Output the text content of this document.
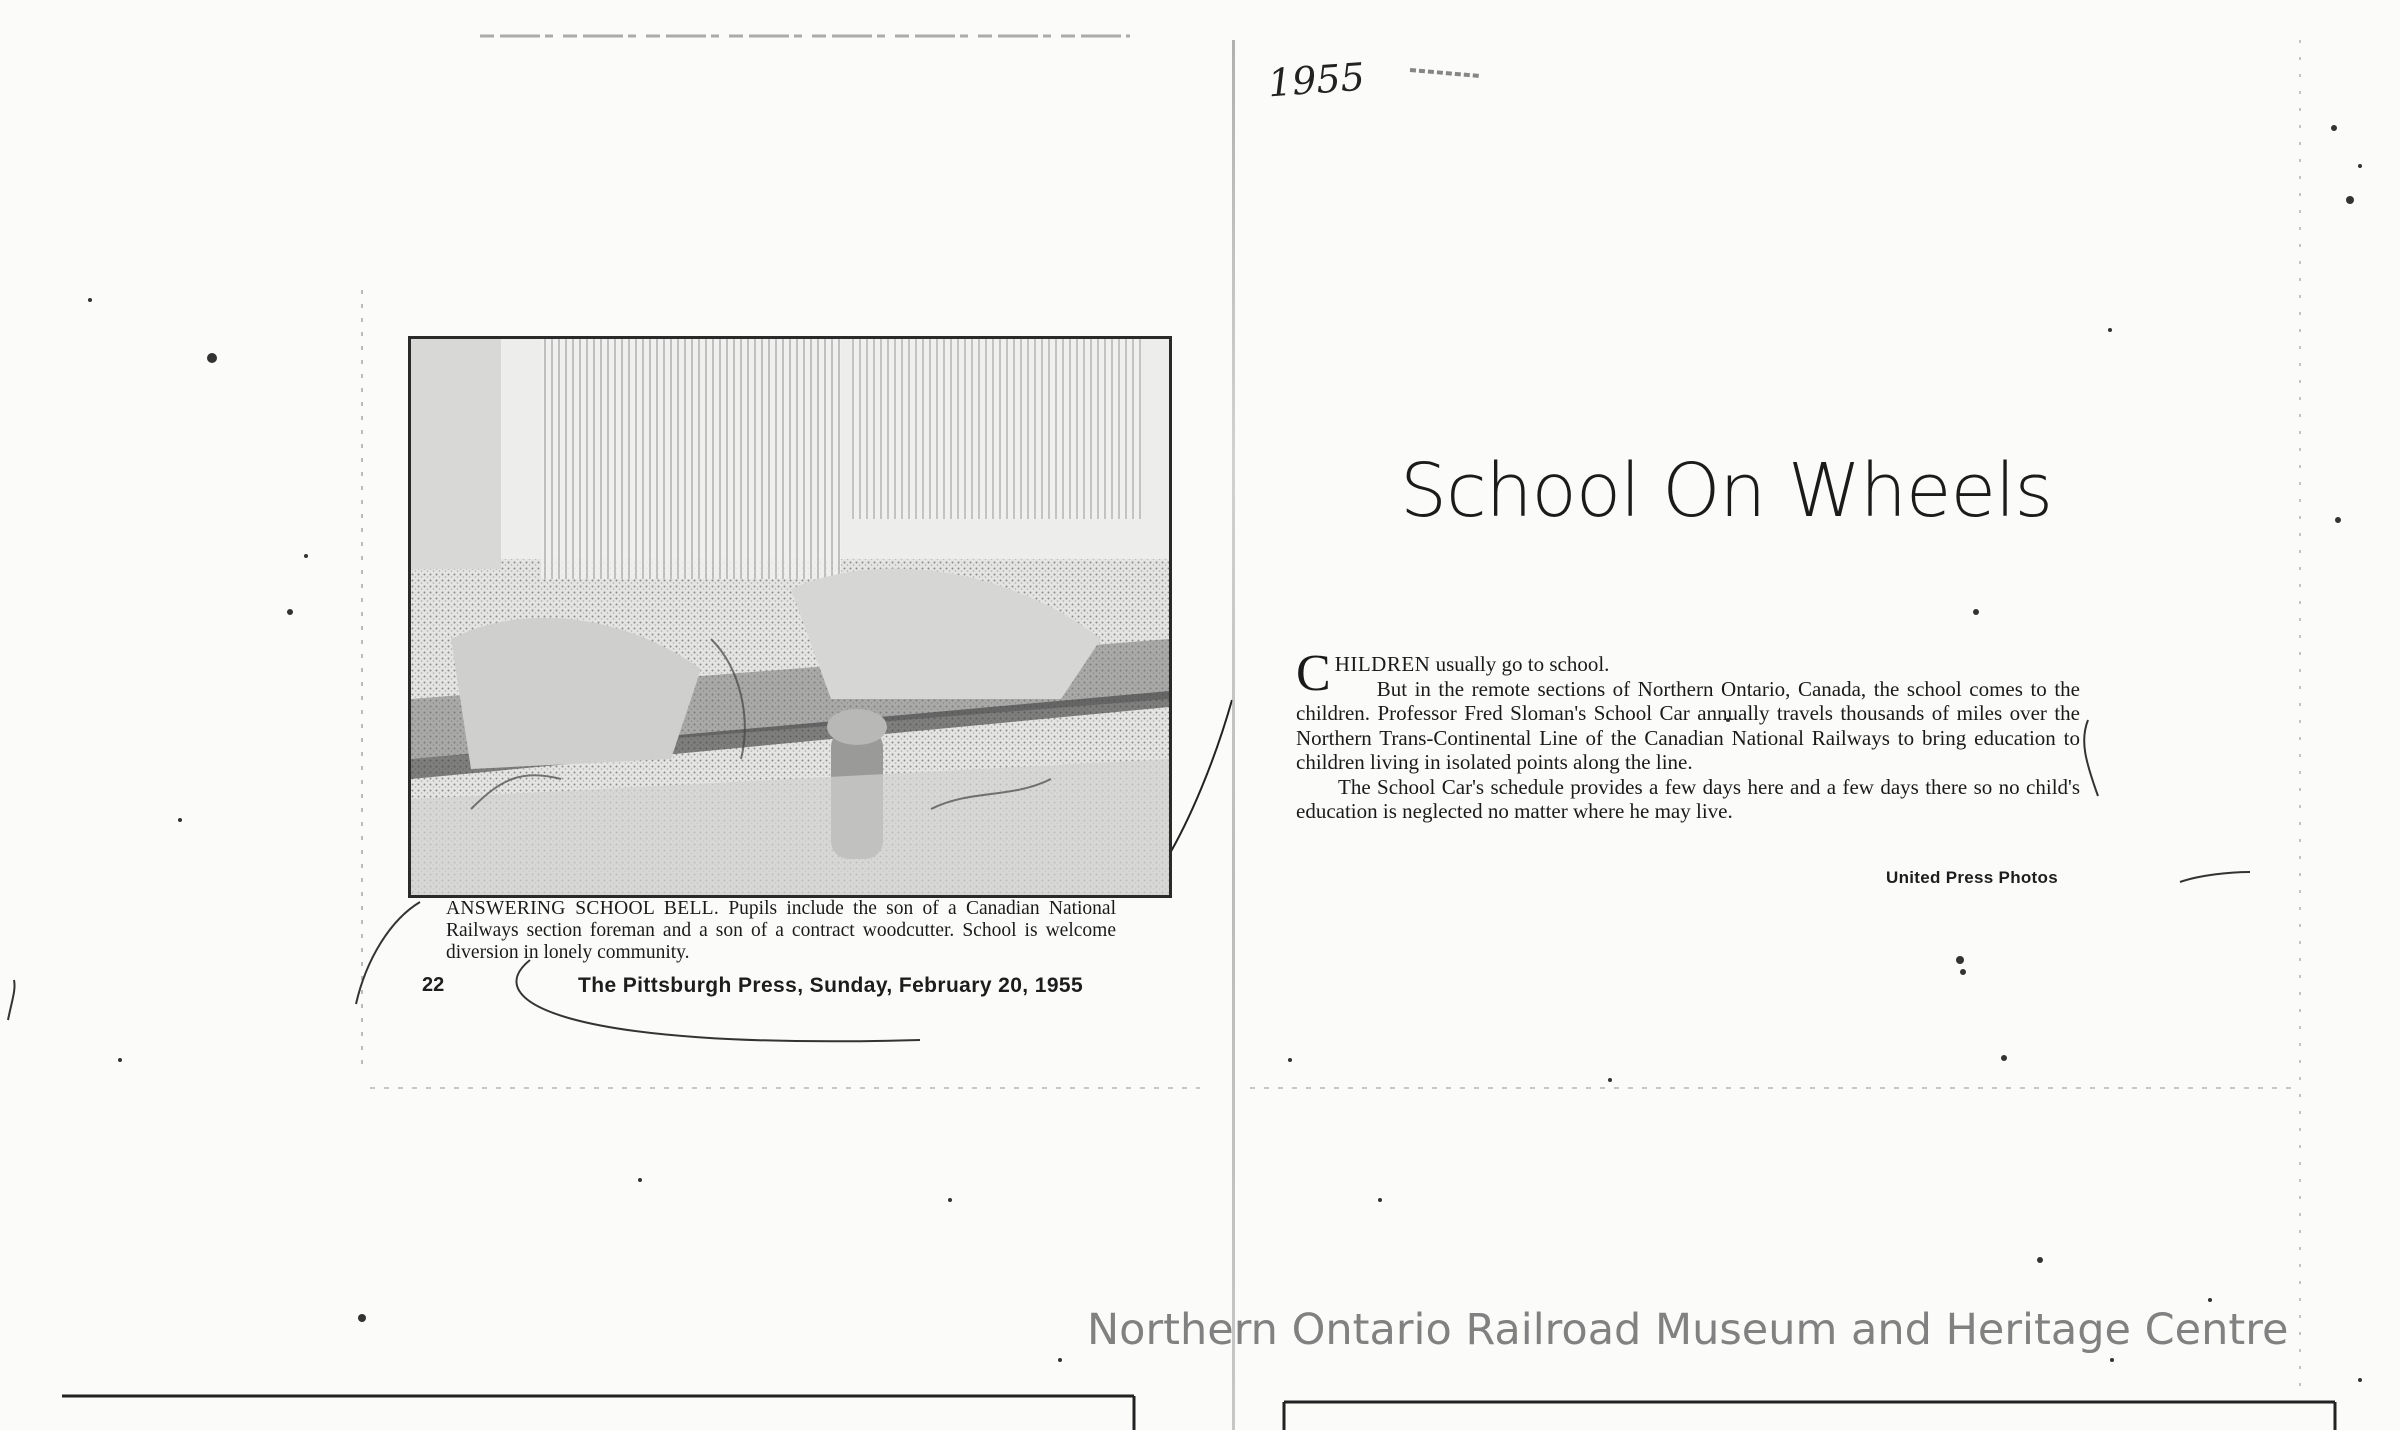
1955
ANSWERING SCHOOL BELL. Pupils include the son of a Canadian National Railways section foreman and a son of a contract woodcutter. School is welcome diversion in lonely community.
22	The Pittsburgh Press, Sunday, February 20, 1955
School On Wheels

CHILDREN usually go to school.

But in the remote sections of Northern Ontario, Canada, the school comes to the children. Professor Fred Sloman's School Car annually travels thousands of miles over the Northern Trans-Continental Line of the Canadian National Railways to bring education to children living in isolated points along the line.

The School Car's schedule provides a few days here and a few days there so no child's education is neglected no matter where he may live.

United Press Photos
Northern Ontario Railroad Museum and Heritage Centre
